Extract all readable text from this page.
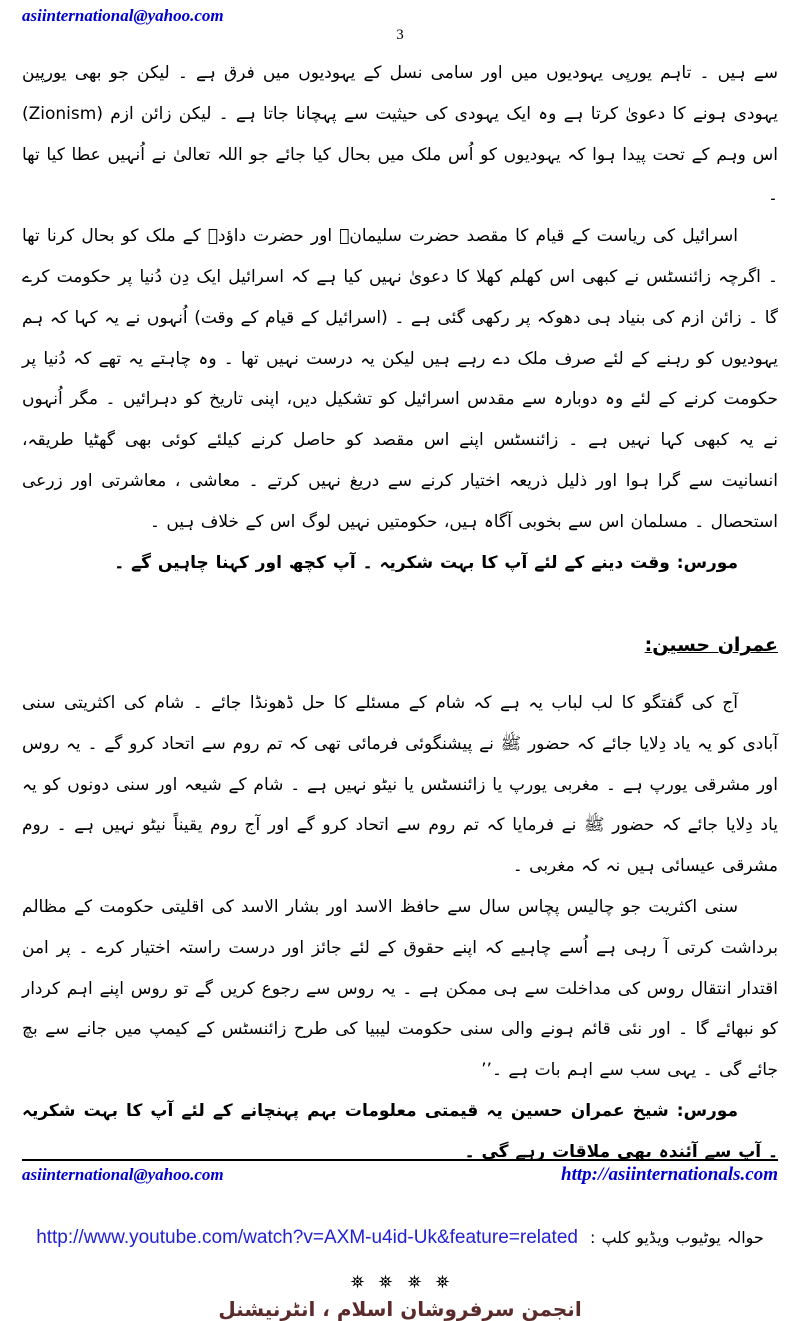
asiinternational@yahoo.com
3

سے ہیں ۔ تاہم یورپی یہودیوں میں اور سامی نسل کے یہودیوں میں فرق ہے ۔ لیکن جو بھی یورپین یہودی ہونے کا دعویٰ کرتا ہے وہ ایک یہودی کی حیثیت سے پہچانا جاتا ہے ۔ لیکن زائن ازم (Zionism) اس وہم کے تحت پیدا ہوا کہ یہودیوں کو اُس ملک میں بحال کیا جائے جو اللہ تعالیٰ نے اُنہیں عطا کیا تھا ۔

اسرائیل کی ریاست کے قیام کا مقصد حضرت سلیمانؑ اور حضرت داؤدؑ کے ملک کو بحال کرنا تھا ۔ اگرچہ زائنسٹس نے کبھی اس کھلم کھلا کا دعویٰ نہیں کیا ہے کہ اسرائیل ایک دِن دُنیا پر حکومت کرے گا ۔ زائن ازم کی بنیاد ہی دھوکہ پر رکھی گئی ہے ۔ (اسرائیل کے قیام کے وقت) اُنہوں نے یہ کہا کہ ہم یہودیوں کو رہنے کے لئے صرف ملک دے رہے ہیں لیکن یہ درست نہیں تھا ۔ وہ چاہتے یہ تھے کہ دُنیا پر حکومت کرنے کے لئے وہ دوبارہ سے مقدس اسرائیل کو تشکیل دیں، اپنی تاریخ کو دہرائیں ۔ مگر اُنہوں نے یہ کبھی کہا نہیں ہے ۔ زائنسٹس اپنے اس مقصد کو حاصل کرنے کیلئے کوئی بھی گھٹیا طریقہ، انسانیت سے گرا ہوا اور ذلیل ذریعہ اختیار کرنے سے دریغ نہیں کرتے ۔ معاشی ، معاشرتی اور زرعی استحصال ۔ مسلمان اس سے بخوبی آگاہ ہیں، حکومتیں نہیں لوگ اس کے خلاف ہیں ۔

مورس: وقت دینے کے لئے آپ کا بہت شکریہ ۔ آپ کچھ اور کہنا چاہیں گے ۔

عمران حسین:

آج کی گفتگو کا لب لباب یہ ہے کہ شام کے مسئلے کا حل ڈھونڈا جائے ۔ شام کی اکثریتی سنی آبادی کو یہ یاد دِلایا جائے کہ حضور ﷺ نے پیشنگوئی فرمائی تھی کہ تم روم سے اتحاد کرو گے ۔ یہ روس اور مشرقی یورپ ہے ۔ مغربی یورپ یا زائنسٹس یا نیٹو نہیں ہے ۔ شام کے شیعہ اور سنی دونوں کو یہ یاد دِلایا جائے کہ حضور ﷺ نے فرمایا کہ تم روم سے اتحاد کرو گے اور آج روم یقیناً نیٹو نہیں ہے ۔ روم مشرقی عیسائی ہیں نہ کہ مغربی ۔

سنی اکثریت جو چالیس پچاس سال سے حافظ الاسد اور بشار الاسد کی اقلیتی حکومت کے مظالم برداشت کرتی آ رہی ہے اُسے چاہیے کہ اپنے حقوق کے لئے جائز اور درست راستہ اختیار کرے ۔ پر امن اقتدار انتقال روس کی مداخلت سے ہی ممکن ہے ۔ یہ روس سے رجوع کریں گے تو روس اپنے اہم کردار کو نبھائے گا ۔ اور نئی قائم ہونے والی سنی حکومت لیبیا کی طرح زائنسٹس کے کیمپ میں جانے سے بچ جائے گی ۔ یہی سب سے اہم بات ہے ۔’’

مورس: شیخ عمران حسین یہ قیمتی معلومات بہم پہنچانے کے لئے آپ کا بہت شکریہ ۔ آپ سے آئندہ بھی ملاقات رہے گی ۔

حوالہ یوٹیوب ویڈیو کلپ :
http://www.youtube.com/watch?v=AXM-u4id-Uk&feature=related

انجمن سرفروشان اسلام ، انٹرنیشنل
asiinternational@yahoo.com	http://asiinternationals.com
